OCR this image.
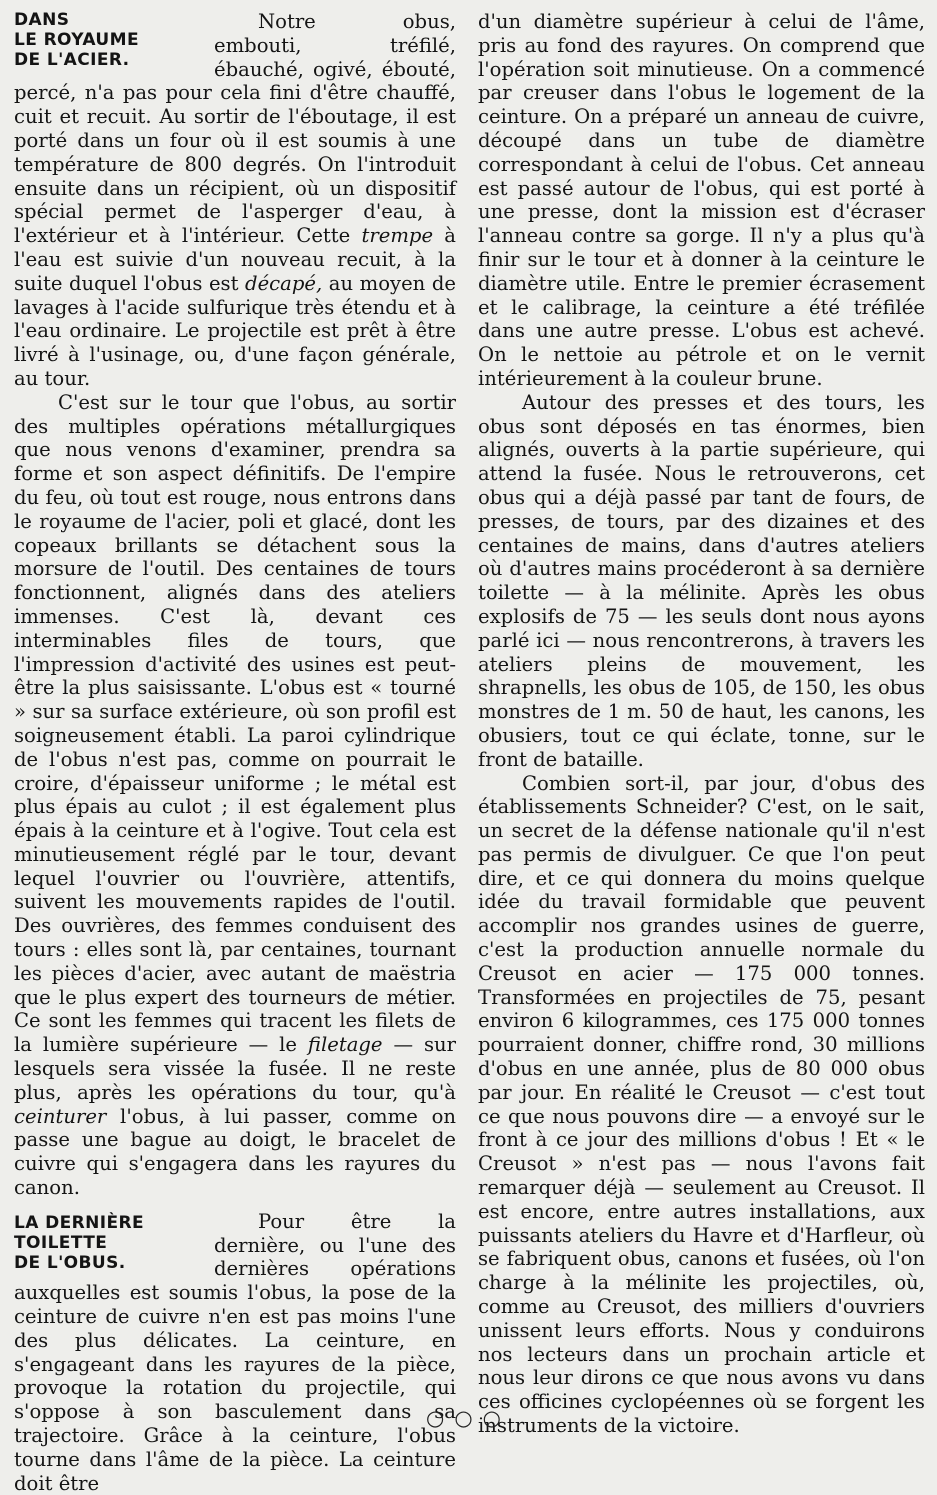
DANS
LE ROYAUME
DE L'ACIER.

Notre obus, embouti, tréfilé, ébauché, ogivé, ébouté, percé, n'a pas pour cela fini d'être chauffé, cuit et recuit. Au sortir de l'éboutage, il est porté dans un four où il est soumis à une température de 800 degrés. On l'introduit ensuite dans un récipient, où un dispositif spécial permet de l'asperger d'eau, à l'extérieur et à l'intérieur. Cette trempe à l'eau est suivie d'un nouveau recuit, à la suite duquel l'obus est décapé, au moyen de lavages à l'acide sulfurique très étendu et à l'eau ordinaire. Le projectile est prêt à être livré à l'usinage, ou, d'une façon générale, au tour.

C'est sur le tour que l'obus, au sortir des multiples opérations métallurgiques que nous venons d'examiner, prendra sa forme et son aspect définitifs. De l'empire du feu, où tout est rouge, nous entrons dans le royaume de l'acier, poli et glacé, dont les copeaux brillants se détachent sous la morsure de l'outil. Des centaines de tours fonctionnent, alignés dans des ateliers immenses. C'est là, devant ces interminables files de tours, que l'impression d'activité des usines est peut-être la plus saisissante. L'obus est « tourné » sur sa surface extérieure, où son profil est soigneusement établi. La paroi cylindrique de l'obus n'est pas, comme on pourrait le croire, d'épaisseur uniforme ; le métal est plus épais au culot ; il est également plus épais à la ceinture et à l'ogive. Tout cela est minutieusement réglé par le tour, devant lequel l'ouvrier ou l'ouvrière, attentifs, suivent les mouvements rapides de l'outil. Des ouvrières, des femmes conduisent des tours : elles sont là, par centaines, tournant les pièces d'acier, avec autant de maëstria que le plus expert des tourneurs de métier. Ce sont les femmes qui tracent les filets de la lumière supérieure — le filetage — sur lesquels sera vissée la fusée. Il ne reste plus, après les opérations du tour, qu'à ceinturer l'obus, à lui passer, comme on passe une bague au doigt, le bracelet de cuivre qui s'engagera dans les rayures du canon.

LA DERNIÈRE
TOILETTE
DE L'OBUS.

Pour être la dernière, ou l'une des dernières opérations auxquelles est soumis l'obus, la pose de la ceinture de cuivre n'en est pas moins l'une des plus délicates. La ceinture, en s'engageant dans les rayures de la pièce, provoque la rotation du projectile, qui s'oppose à son basculement dans sa trajectoire. Grâce à la ceinture, l'obus tourne dans l'âme de la pièce. La ceinture doit être

d'un diamètre supérieur à celui de l'âme, pris au fond des rayures. On comprend que l'opération soit minutieuse. On a commencé par creuser dans l'obus le logement de la ceinture. On a préparé un anneau de cuivre, découpé dans un tube de diamètre correspondant à celui de l'obus. Cet anneau est passé autour de l'obus, qui est porté à une presse, dont la mission est d'écraser l'anneau contre sa gorge. Il n'y a plus qu'à finir sur le tour et à donner à la ceinture le diamètre utile. Entre le premier écrasement et le calibrage, la ceinture a été tréfilée dans une autre presse. L'obus est achevé. On le nettoie au pétrole et on le vernit intérieurement à la couleur brune.

Autour des presses et des tours, les obus sont déposés en tas énormes, bien alignés, ouverts à la partie supérieure, qui attend la fusée. Nous le retrouverons, cet obus qui a déjà passé par tant de fours, de presses, de tours, par des dizaines et des centaines de mains, dans d'autres ateliers où d'autres mains procéderont à sa dernière toilette — à la mélinite. Après les obus explosifs de 75 — les seuls dont nous ayons parlé ici — nous rencontrerons, à travers les ateliers pleins de mouvement, les shrapnells, les obus de 105, de 150, les obus monstres de 1 m. 50 de haut, les canons, les obusiers, tout ce qui éclate, tonne, sur le front de bataille.

Combien sort-il, par jour, d'obus des établissements Schneider? C'est, on le sait, un secret de la défense nationale qu'il n'est pas permis de divulguer. Ce que l'on peut dire, et ce qui donnera du moins quelque idée du travail formidable que peuvent accomplir nos grandes usines de guerre, c'est la production annuelle normale du Creusot en acier — 175 000 tonnes. Transformées en projectiles de 75, pesant environ 6 kilogrammes, ces 175 000 tonnes pourraient donner, chiffre rond, 30 millions d'obus en une année, plus de 80 000 obus par jour. En réalité le Creusot — c'est tout ce que nous pouvons dire — a envoyé sur le front à ce jour des millions d'obus ! Et « le Creusot » n'est pas — nous l'avons fait remarquer déjà — seulement au Creusot. Il est encore, entre autres installations, aux puissants ateliers du Havre et d'Harfleur, où se fabriquent obus, canons et fusées, où l'on charge à la mélinite les projectiles, où, comme au Creusot, des milliers d'ouvriers unissent leurs efforts. Nous y conduirons nos lecteurs dans un prochain article et nous leur dirons ce que nous avons vu dans ces officines cyclopéennes où se forgent les instruments de la victoire.

○○○
